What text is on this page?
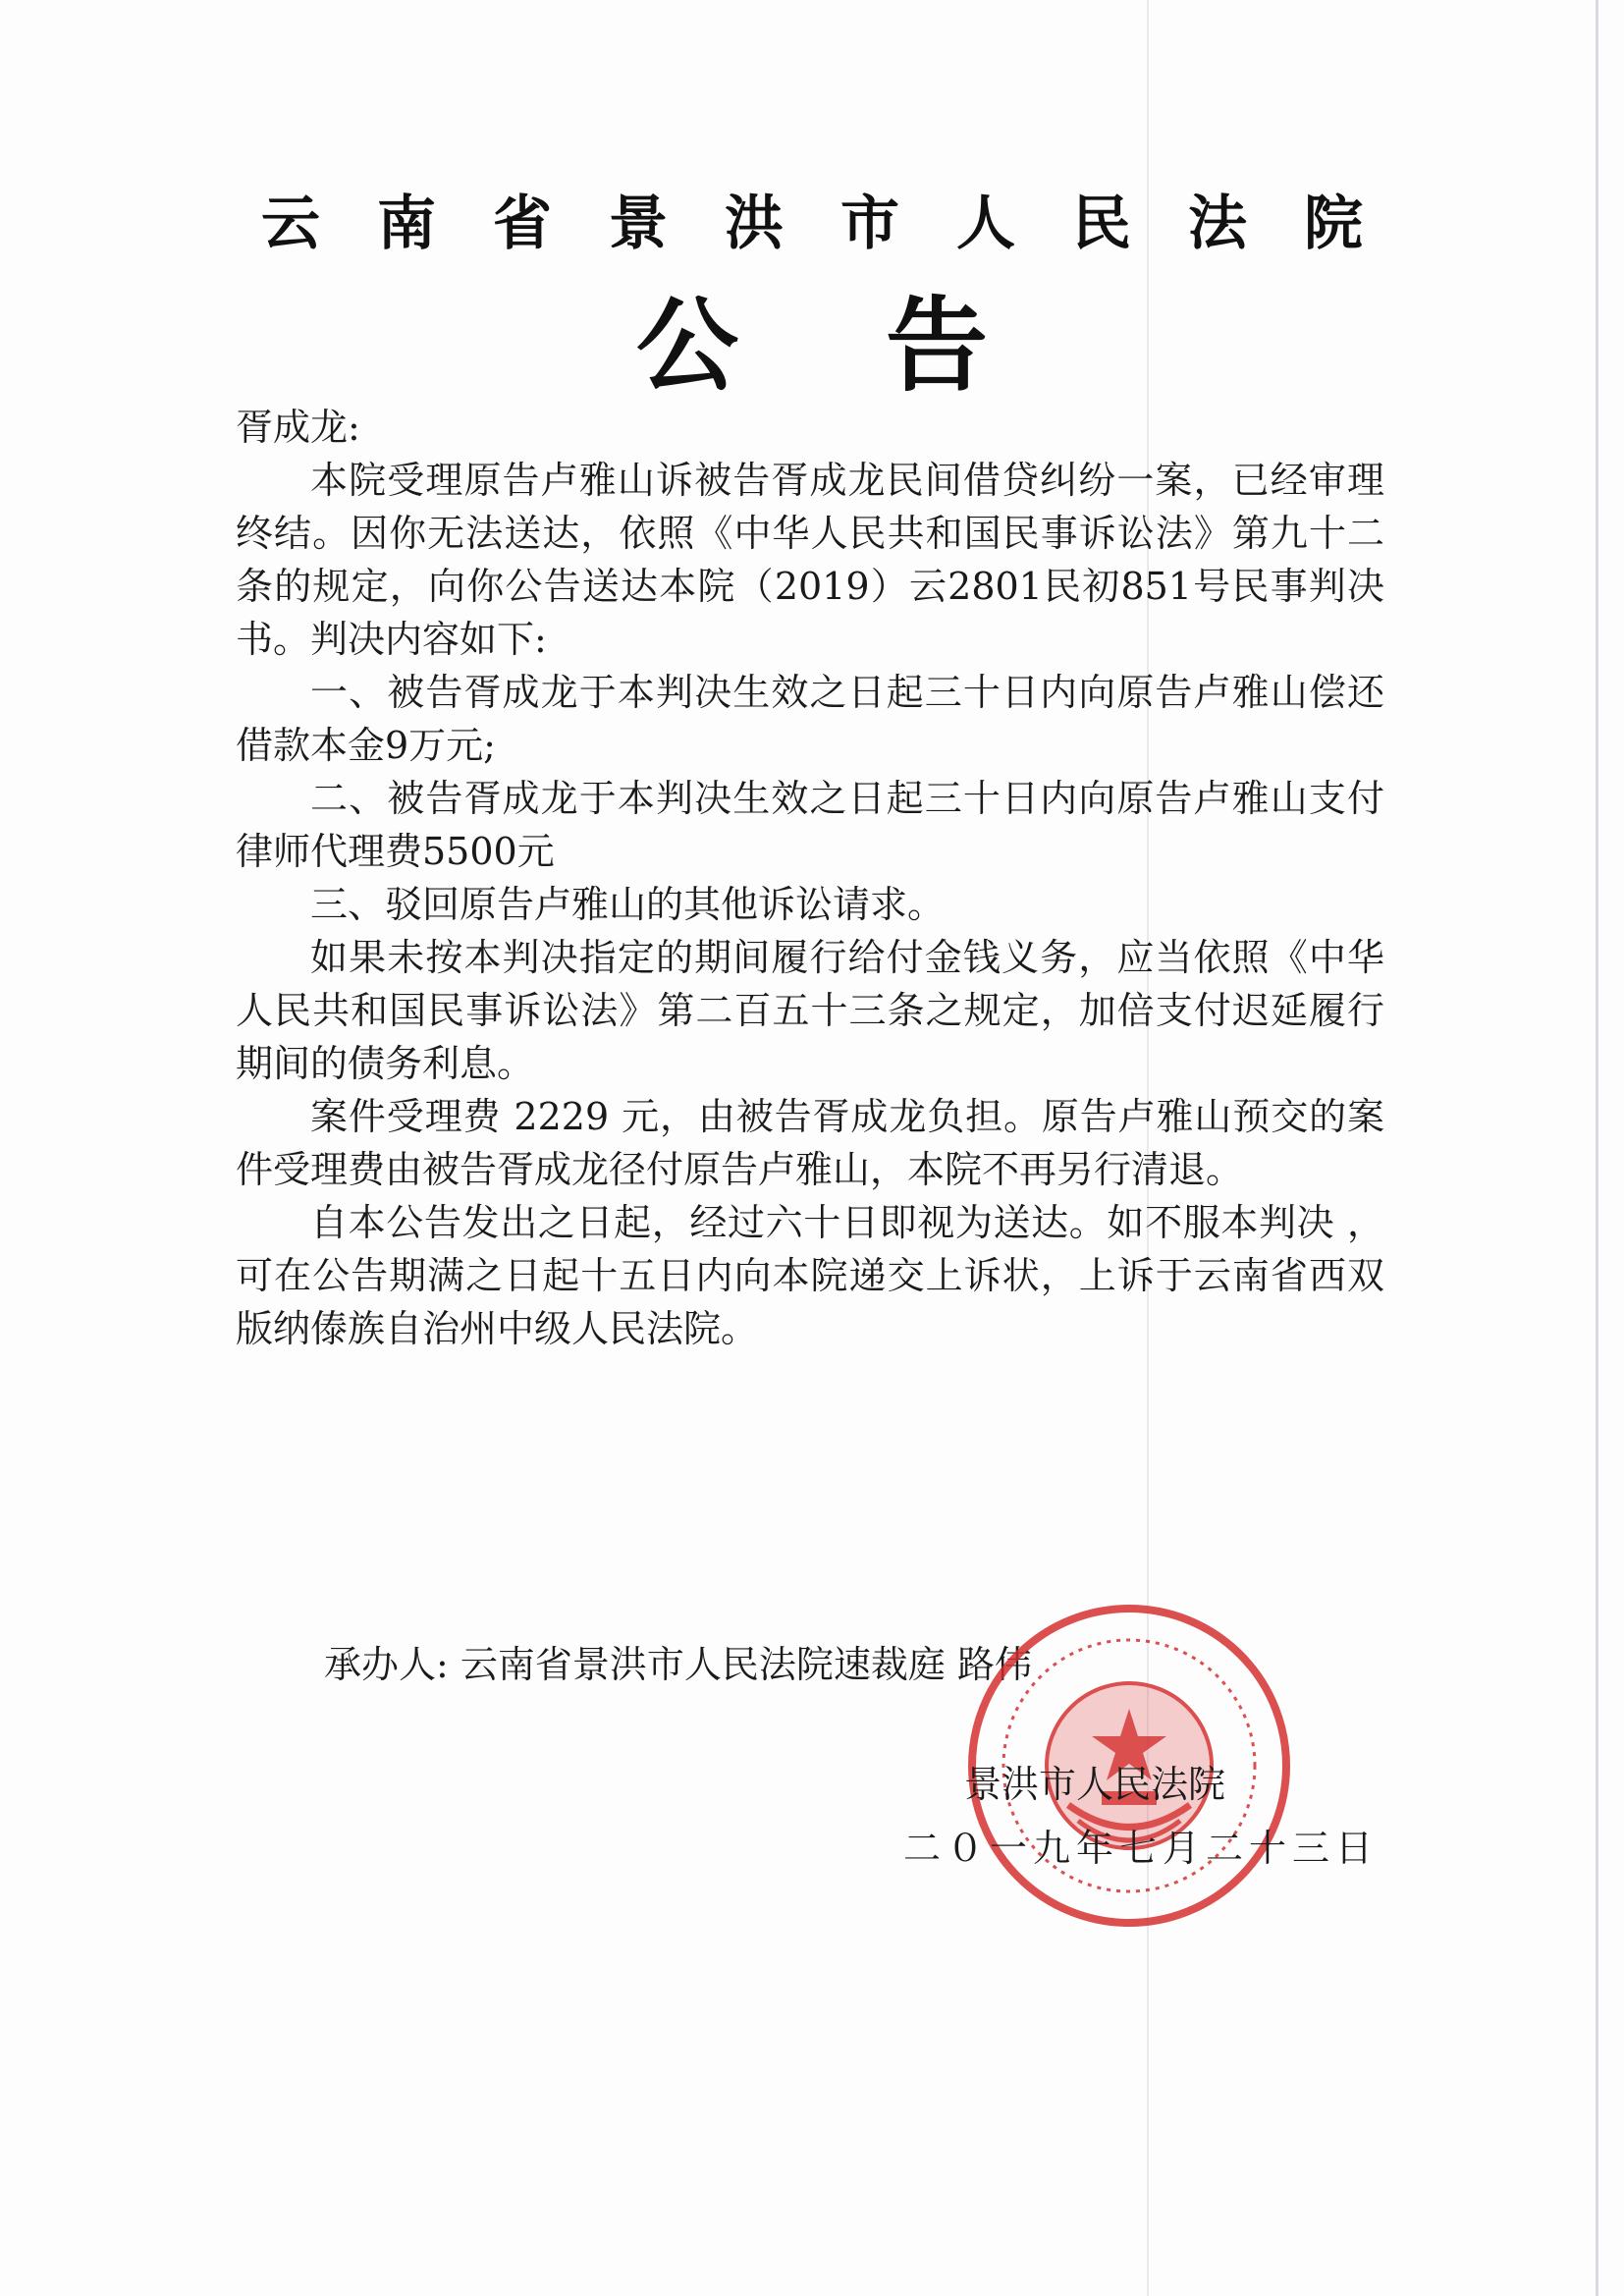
云南省景洪市人民法院
公告

胥成龙:

本院受理原告卢雅山诉被告胥成龙民间借贷纠纷一案，已经审理终结。因你无法送达，依照《中华人民共和国民事诉讼法》第九十二条的规定，向你公告送达本院（2019）云2801民初851号民事判决书。判决内容如下:

一、被告胥成龙于本判决生效之日起三十日内向原告卢雅山偿还借款本金9万元;

二、被告胥成龙于本判决生效之日起三十日内向原告卢雅山支付律师代理费5500元

三、驳回原告卢雅山的其他诉讼请求。

如果未按本判决指定的期间履行给付金钱义务，应当依照《中华人民共和国民事诉讼法》第二百五十三条之规定，加倍支付迟延履行期间的债务利息。

案件受理费 2229 元，由被告胥成龙负担。原告卢雅山预交的案件受理费由被告胥成龙径付原告卢雅山，本院不再另行清退。

自本公告发出之日起，经过六十日即视为送达。如不服本判决 ，可在公告期满之日起十五日内向本院递交上诉状，上诉于云南省西双版纳傣族自治州中级人民法院。

承办人: 云南省景洪市人民法院速裁庭 路伟
景洪市人民法院
二０一九年七月二十三日
